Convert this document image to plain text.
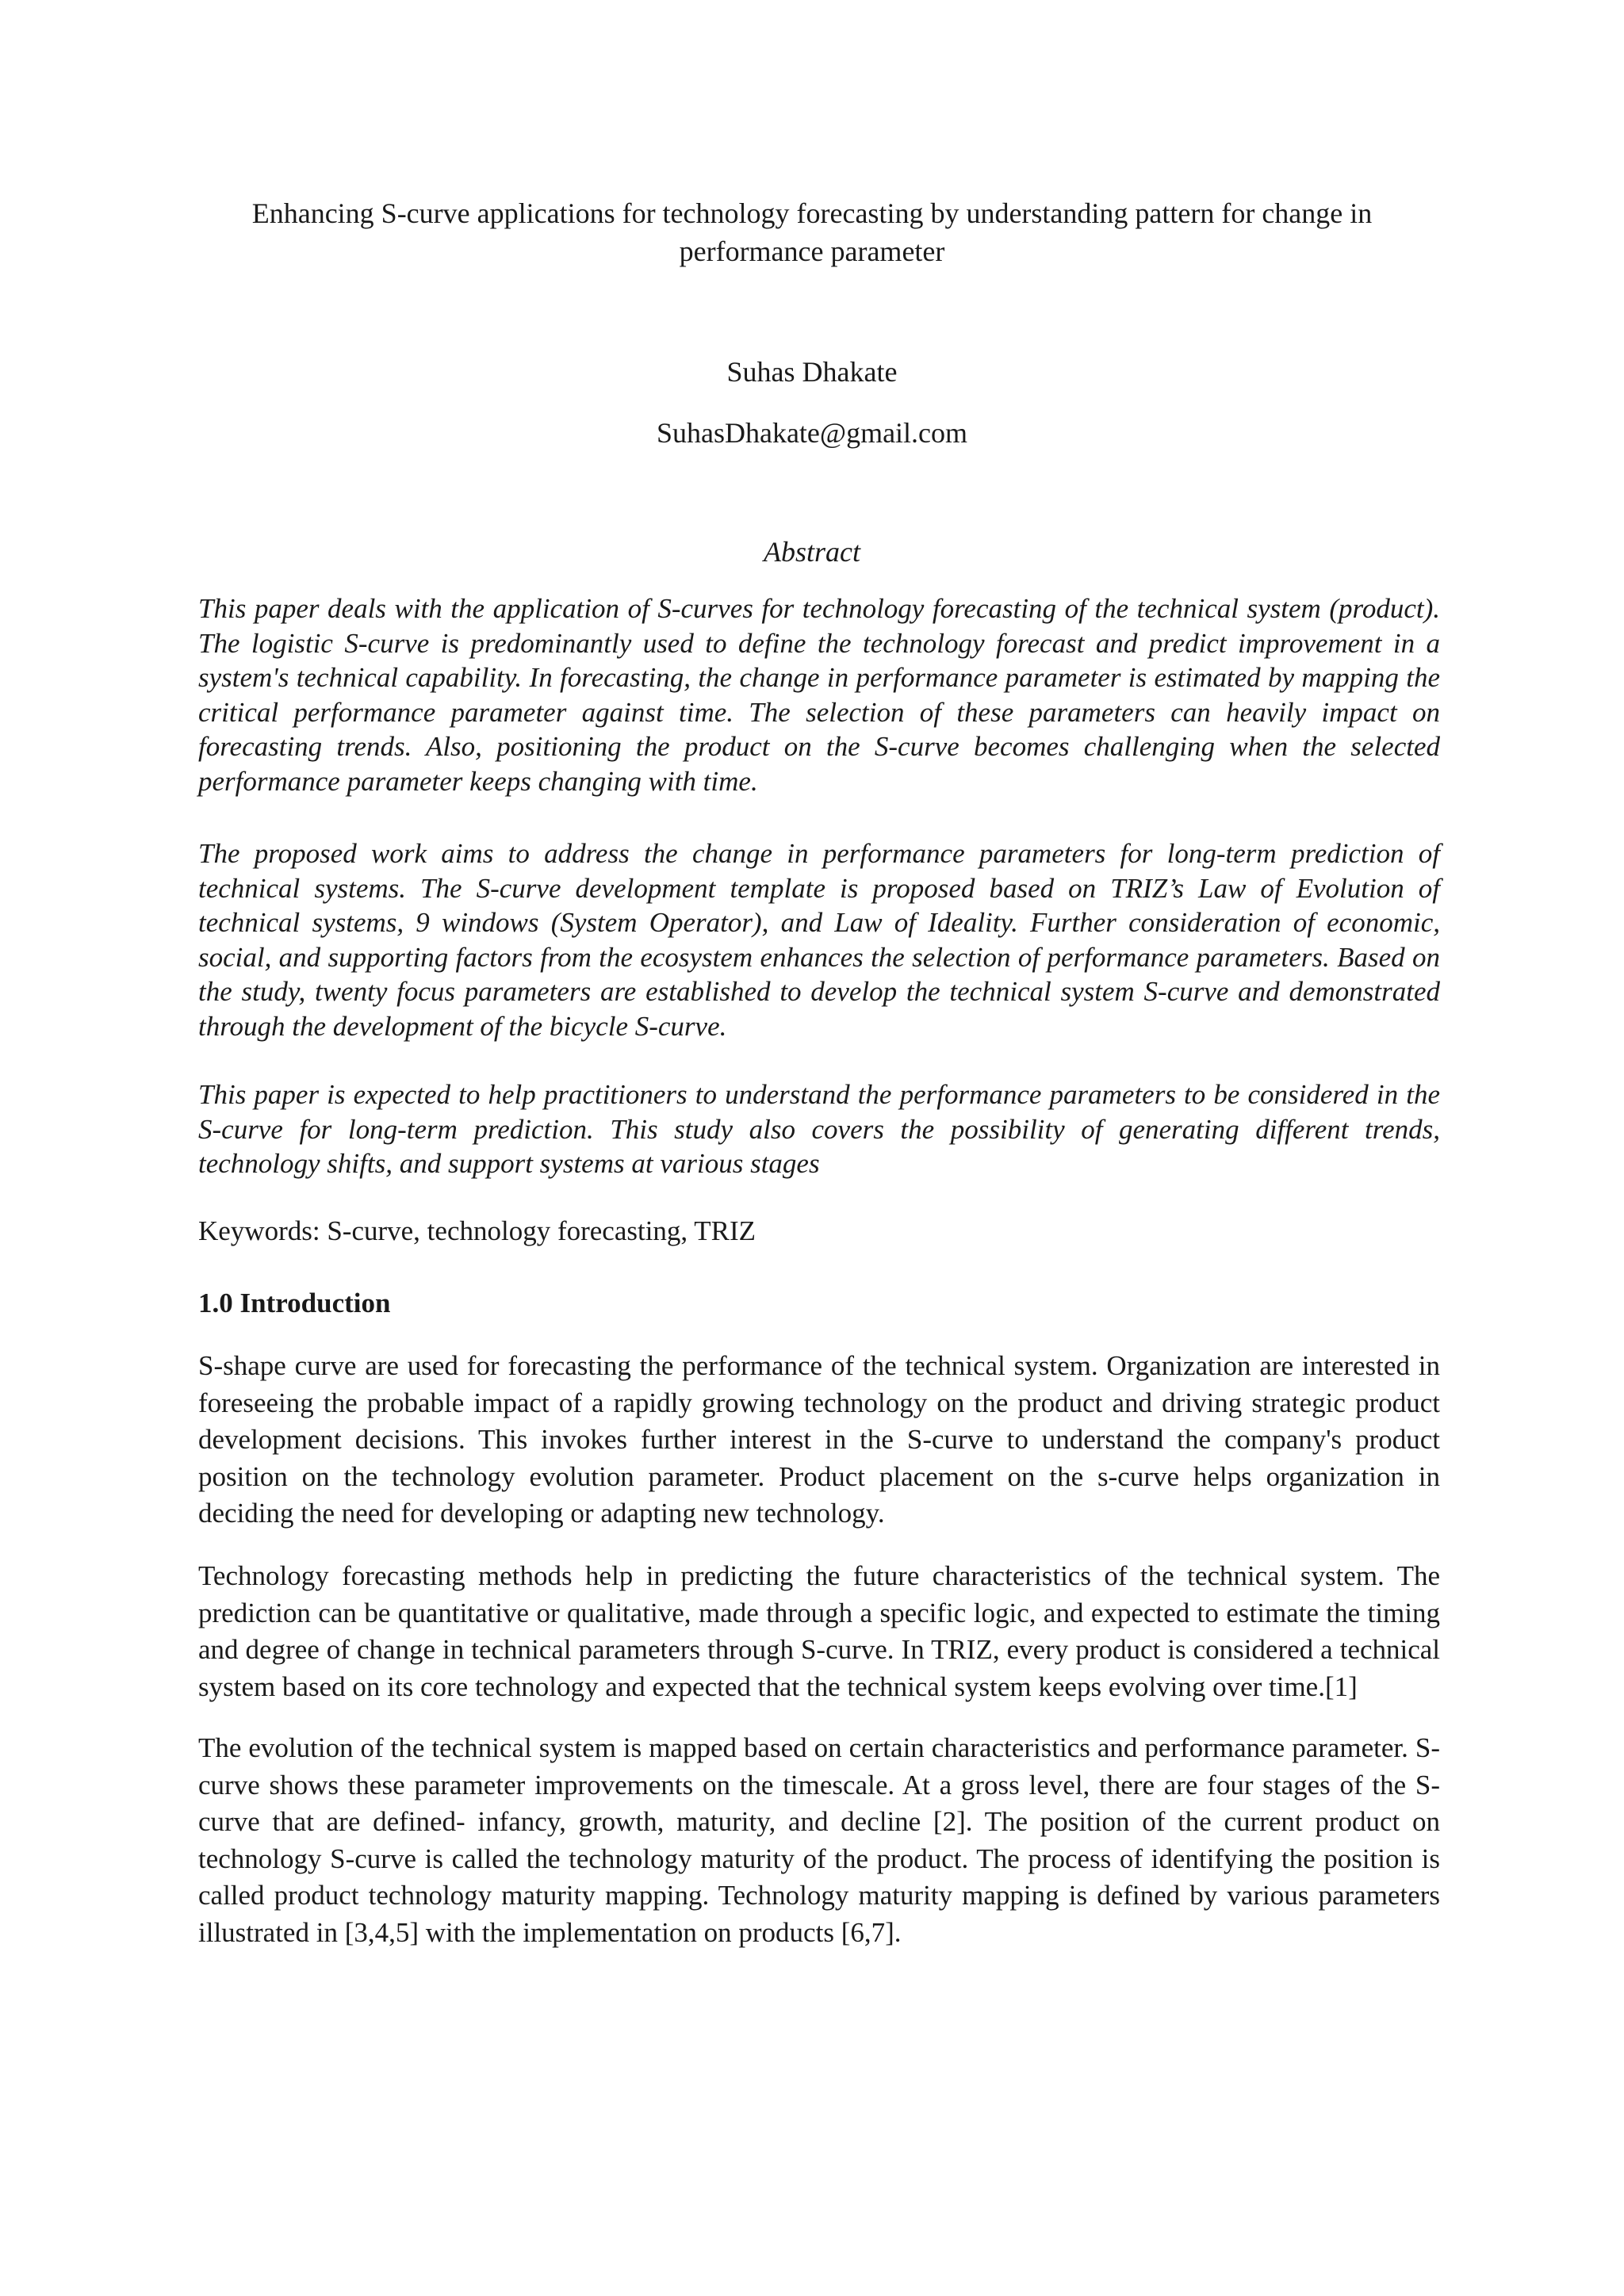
Enhancing S-curve applications for technology forecasting by understanding pattern for change in performance parameter
Suhas Dhakate
SuhasDhakate@gmail.com
Abstract

This paper deals with the application of S-curves for technology forecasting of the technical system (product). The logistic S-curve is predominantly used to define the technology forecast and predict improvement in a system's technical capability. In forecasting, the change in performance parameter is estimated by mapping the critical performance parameter against time. The selection of these parameters can heavily impact on forecasting trends. Also, positioning the product on the S-curve becomes challenging when the selected performance parameter keeps changing with time.

The proposed work aims to address the change in performance parameters for long-term prediction of technical systems. The S-curve development template is proposed based on TRIZ’s Law of Evolution of technical systems, 9 windows (System Operator), and Law of Ideality. Further consideration of economic, social, and supporting factors from the ecosystem enhances the selection of performance parameters. Based on the study, twenty focus parameters are established to develop the technical system S-curve and demonstrated through the development of the bicycle S-curve.

This paper is expected to help practitioners to understand the performance parameters to be considered in the S-curve for long-term prediction. This study also covers the possibility of generating different trends, technology shifts, and support systems at various stages

Keywords: S-curve, technology forecasting, TRIZ

1.0 Introduction

S-shape curve are used for forecasting the performance of the technical system. Organization are interested in foreseeing the probable impact of a rapidly growing technology on the product and driving strategic product development decisions. This invokes further interest in the S-curve to understand the company's product position on the technology evolution parameter. Product placement on the s-curve helps organization in deciding the need for developing or adapting new technology.

Technology forecasting methods help in predicting the future characteristics of the technical system. The prediction can be quantitative or qualitative, made through a specific logic, and expected to estimate the timing and degree of change in technical parameters through S-curve. In TRIZ, every product is considered a technical system based on its core technology and expected that the technical system keeps evolving over time.[1]

The evolution of the technical system is mapped based on certain characteristics and performance parameter. S-curve shows these parameter improvements on the timescale. At a gross level, there are four stages of the S-curve that are defined- infancy, growth, maturity, and decline [2]. The position of the current product on technology S-curve is called the technology maturity of the product. The process of identifying the position is called product technology maturity mapping. Technology maturity mapping is defined by various parameters illustrated in [3,4,5] with the implementation on products [6,7].
